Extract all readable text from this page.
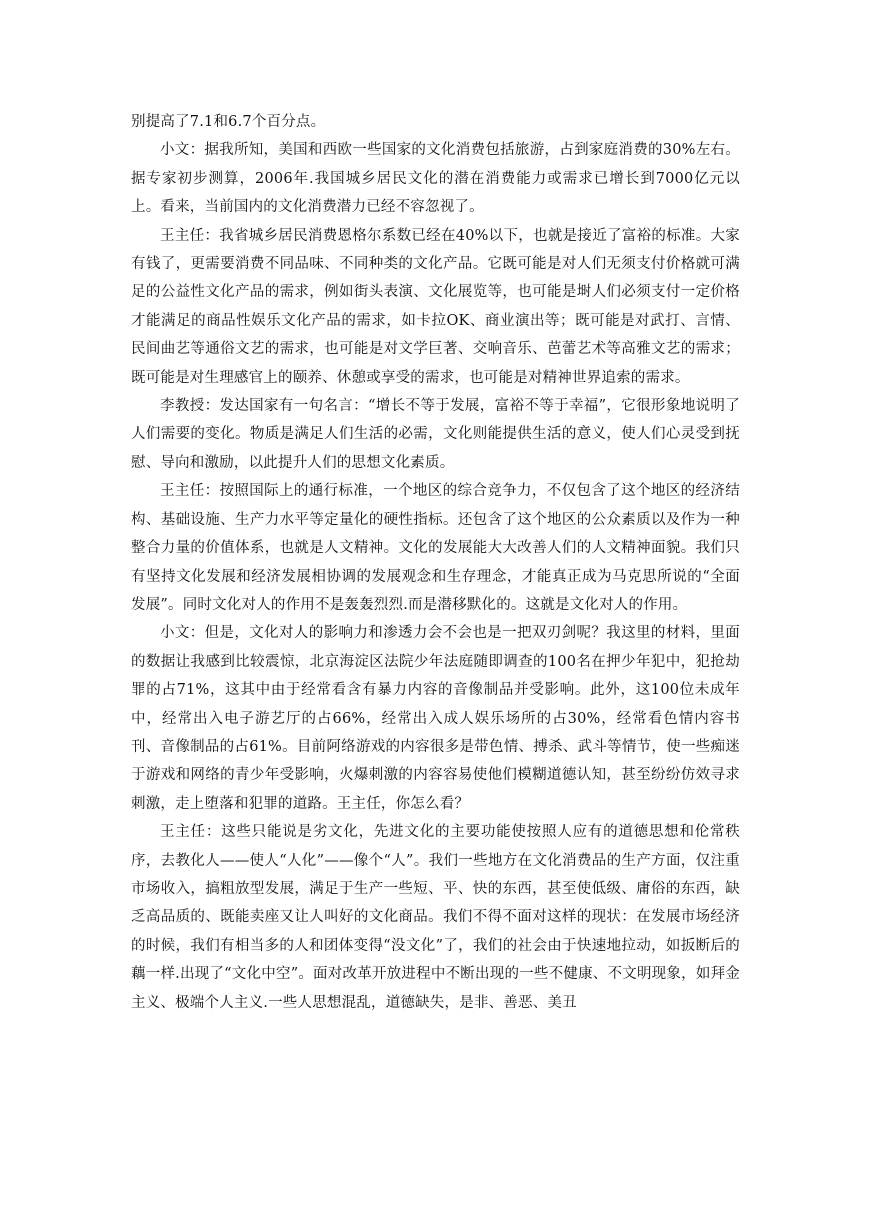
别提高了7.1和6.7个百分点。

小文：据我所知，美国和西欧一些国家的文化消费包括旅游，占到家庭消费的30%左右。据专家初步测算，2006年.我国城乡居民文化的潜在消费能力或需求已增长到7000亿元以上。看来，当前国内的文化消费潜力已经不容忽视了。

王主任：我省城乡居民消费恩格尔系数已经在40%以下，也就是接近了富裕的标准。大家有钱了，更需要消费不同品味、不同种类的文化产品。它既可能是对人们无须支付价格就可满足的公益性文化产品的需求，例如街头表演、文化展览等，也可能是埘人们必须支付一定价格才能满足的商品性娱乐文化产品的需求，如卡拉OK、商业演出等；既可能是对武打、言情、民间曲艺等通俗文艺的需求，也可能是对文学巨著、交响音乐、芭蕾艺术等高雅文艺的需求；既可能是对生理感官上的颐养、休憩或享受的需求，也可能是对精神世界追索的需求。

李教授：发达国家有一句名言：“增长不等于发展，富裕不等于幸福”，它很形象地说明了人们需要的变化。物质是满足人们生活的必需，文化则能提供生活的意义，使人们心灵受到抚慰、导向和激励，以此提升人们的思想文化素质。

王主任：按照国际上的通行标准，一个地区的综合竞争力，不仅包含了这个地区的经济结构、基础设施、生产力水平等定量化的硬性指标。还包含了这个地区的公众素质以及作为一种整合力量的价值体系，也就是人文精神。文化的发展能大大改善人们的人文精神面貌。我们只有坚持文化发展和经济发展相协调的发展观念和生存理念，才能真正成为马克思所说的“全面发展”。同时文化对人的作用不是轰轰烈烈.而是潜移默化的。这就是文化对人的作用。

小文：但是，文化对人的影响力和渗透力会不会也是一把双刃剑呢？我这里的材料，里面的数据让我感到比较震惊，北京海淀区法院少年法庭随即调查的100名在押少年犯中，犯抢劫罪的占71%，这其中由于经常看含有暴力内容的音像制品并受影响。此外，这100位未成年中，经常出入电子游艺厅的占66%，经常出入成人娱乐场所的占30%，经常看色情内容书刊、音像制品的占61%。目前阿络游戏的内容很多是带色情、搏杀、武斗等情节，使一些痴迷于游戏和网络的青少年受影响，火爆刺激的内容容易使他们模糊道德认知，甚至纷纷仿效寻求刺激，走上堕落和犯罪的道路。王主任，你怎么看？

王主任：这些只能说是劣文化，先进文化的主要功能使按照人应有的道德思想和伦常秩序，去教化人——使人“人化”——像个“人”。我们一些地方在文化消费品的生产方面，仅注重市场收入，搞粗放型发展，满足于生产一些短、平、快的东西，甚至使低级、庸俗的东西，缺乏高品质的、既能卖座又让人叫好的文化商品。我们不得不面对这样的现状：在发展市场经济的时候，我们有相当多的人和团体变得“没文化”了，我们的社会由于快速地拉动，如扳断后的藕一样.出现了“文化中空”。面对改革开放进程中不断出现的一些不健康、不文明现象，如拜金主义、极端个人主义.一些人思想混乱，道德缺失，是非、善恶、美丑
